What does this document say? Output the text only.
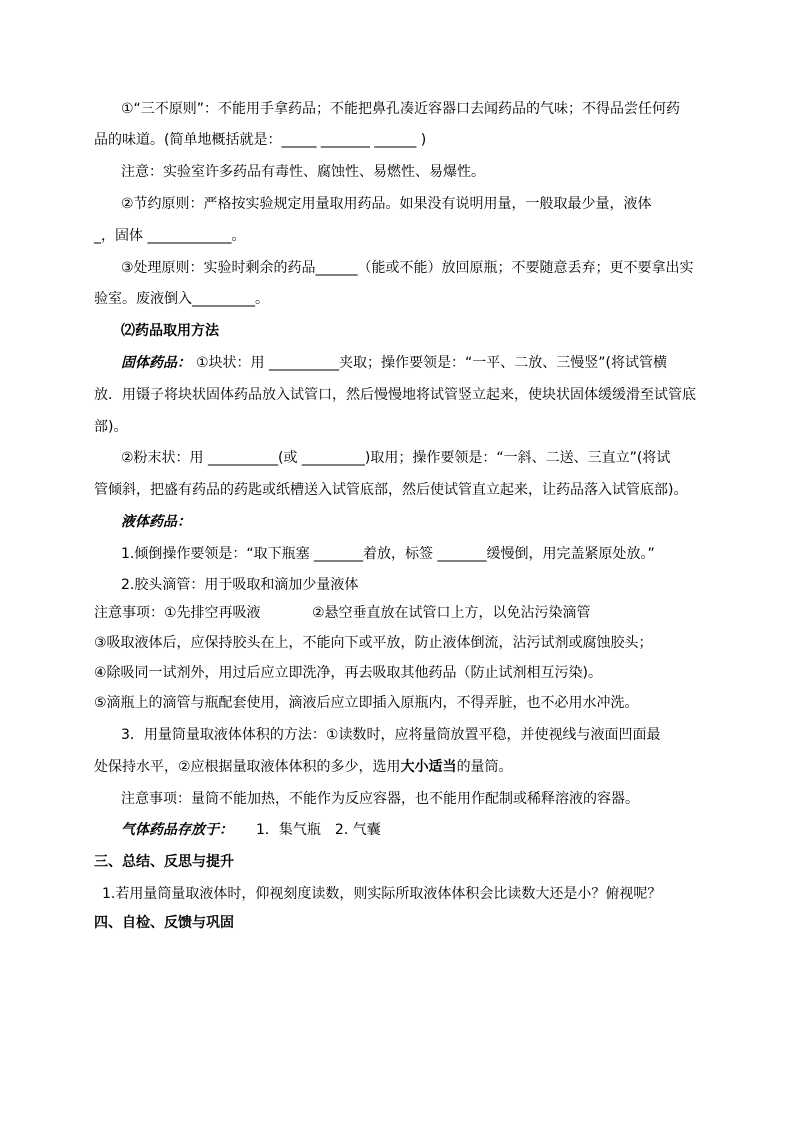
①“三不原则”：不能用手拿药品；不能把鼻孔凑近容器口去闻药品的气味；不得品尝任何药
品的味道。(简单地概括就是：_____ _______ ______ )
注意：实验室许多药品有毒性、腐蚀性、易燃性、易爆性。
②节约原则：严格按实验规定用量取用药品。如果没有说明用量，一般取最少量，液体
_，固体 ____________。
③处理原则：实验时剩余的药品______（能或不能）放回原瓶；不要随意丢弃；更不要拿出实
验室。废液倒入_________。
⑵药品取用方法
固体药品： ①块状：用 __________夹取；操作要领是：“一平、二放、三慢竖”(将试管横
放．用镊子将块状固体药品放入试管口，然后慢慢地将试管竖立起来，使块状固体缓缓滑至试管底
部)。
②粉末状：用 __________(或 _________)取用；操作要领是：“一斜、二送、三直立”(将试
管倾斜，把盛有药品的药匙或纸槽送入试管底部，然后使试管直立起来，让药品落入试管底部)。
液体药品：
1.倾倒操作要领是：“取下瓶塞 _______着放，标签 _______缓慢倒，用完盖紧原处放。”
2.胶头滴管：用于吸取和滴加少量液体
注意事项：①先排空再吸液	②悬空垂直放在试管口上方，以免沾污染滴管
③吸取液体后，应保持胶头在上，不能向下或平放，防止液体倒流，沾污试剂或腐蚀胶头；
④除吸同一试剂外，用过后应立即洗净，再去吸取其他药品（防止试剂相互污染)。
⑤滴瓶上的滴管与瓶配套使用，滴液后应立即插入原瓶内，不得弄脏，也不必用水冲洗。
3．用量筒量取液体体积的方法：①读数时，应将量筒放置平稳，并使视线与液面凹面最
处保持水平，②应根据量取液体体积的多少，选用大小适当的量筒。
注意事项：量筒不能加热，不能作为反应容器，也不能用作配制或稀释溶液的容器。
气体药品存放于： 1．集气瓶　2. 气囊
三、总结、反思与提升
1.若用量筒量取液体时，仰视刻度读数，则实际所取液体体积会比读数大还是小？俯视呢？
四、自检、反馈与巩固
